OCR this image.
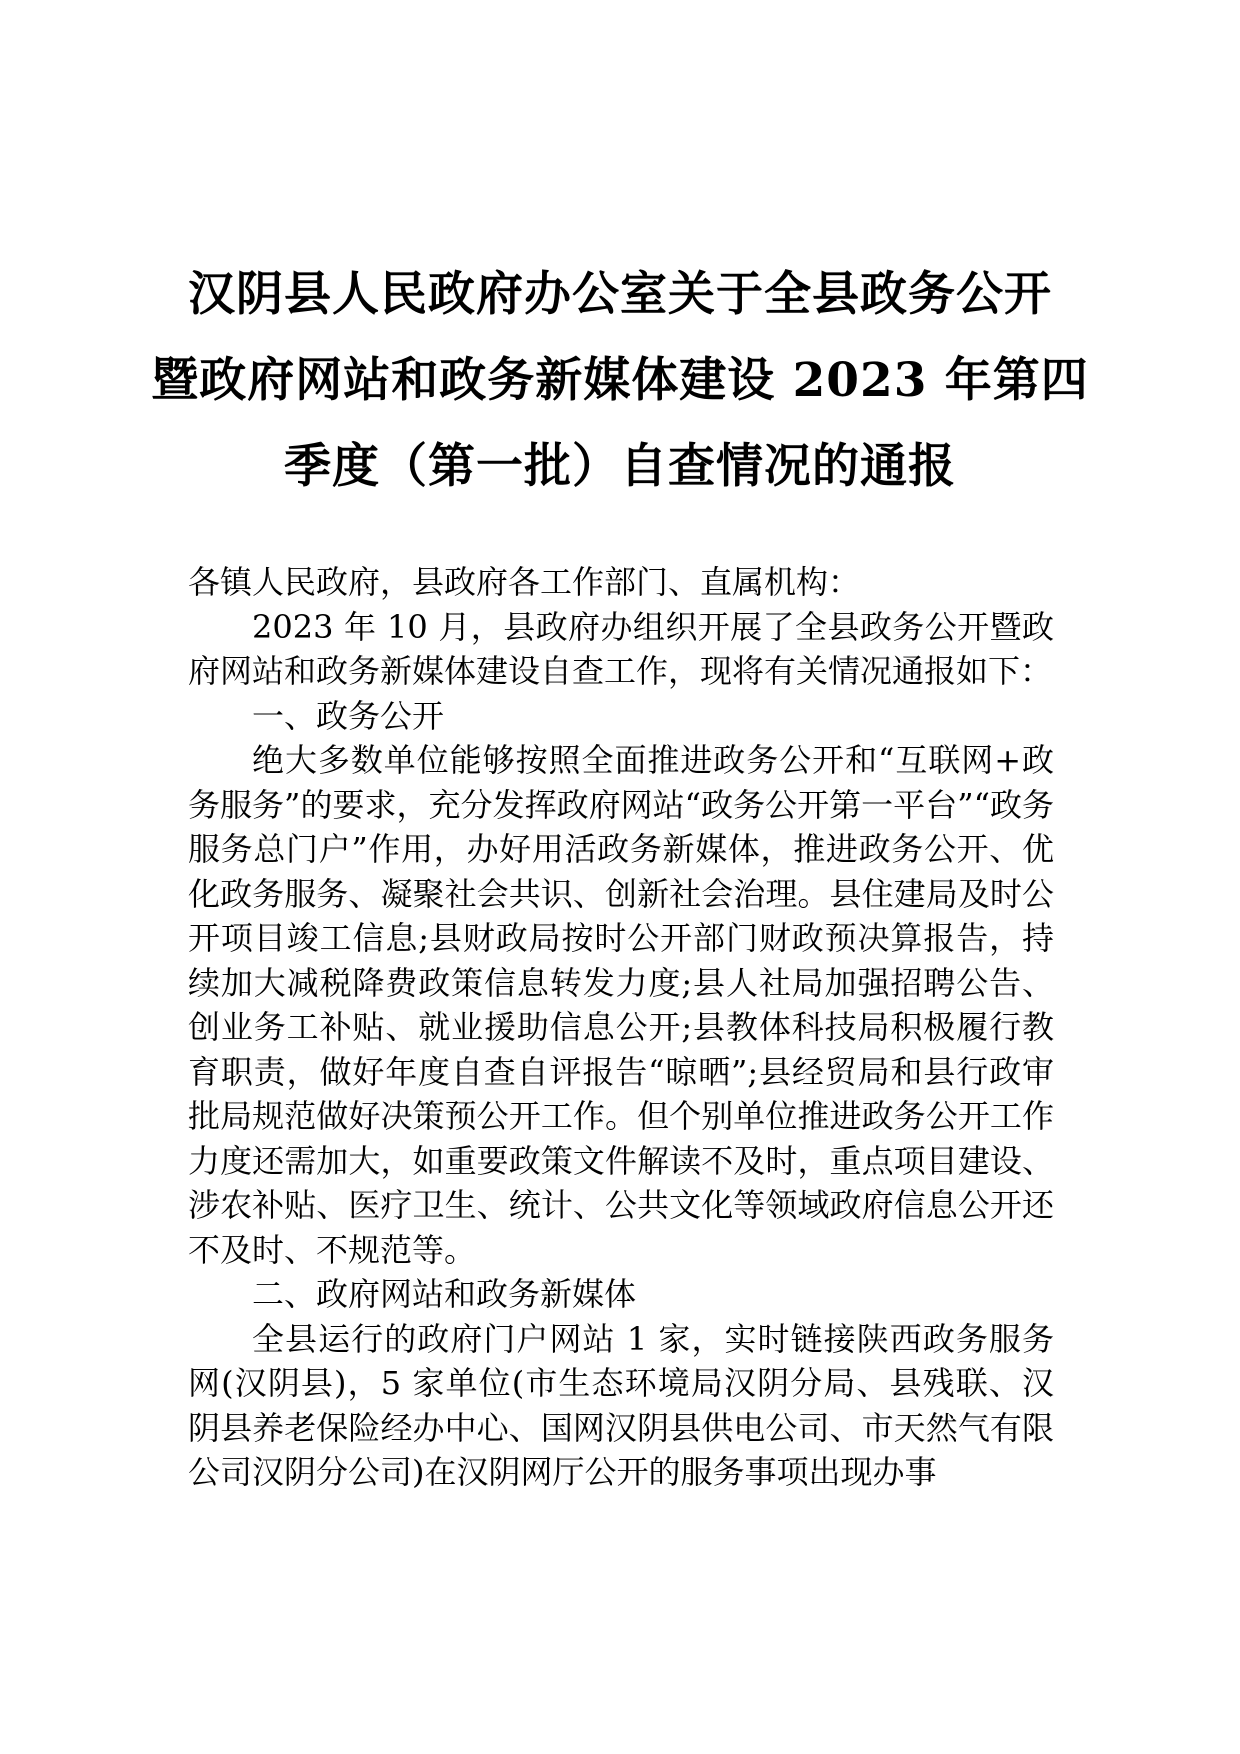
汉阴县人民政府办公室关于全县政务公开
暨政府网站和政务新媒体建设 2023 年第四
季度（第一批）自查情况的通报

各镇人民政府，县政府各工作部门、直属机构：

2023 年 10 月，县政府办组织开展了全县政务公开暨政府网站和政务新媒体建设自查工作，现将有关情况通报如下：

一、政务公开

绝大多数单位能够按照全面推进政务公开和“互联网+政务服务”的要求，充分发挥政府网站“政务公开第一平台”“政务服务总门户”作用，办好用活政务新媒体，推进政务公开、优化政务服务、凝聚社会共识、创新社会治理。县住建局及时公开项目竣工信息;县财政局按时公开部门财政预决算报告，持续加大减税降费政策信息转发力度;县人社局加强招聘公告、创业务工补贴、就业援助信息公开;县教体科技局积极履行教育职责，做好年度自查自评报告“晾晒”;县经贸局和县行政审批局规范做好决策预公开工作。但个别单位推进政务公开工作力度还需加大，如重要政策文件解读不及时，重点项目建设、涉农补贴、医疗卫生、统计、公共文化等领域政府信息公开还不及时、不规范等。

二、政府网站和政务新媒体

全县运行的政府门户网站 1 家，实时链接陕西政务服务网(汉阴县)，5 家单位(市生态环境局汉阴分局、县残联、汉阴县养老保险经办中心、国网汉阴县供电公司、市天然气有限公司汉阴分公司)在汉阴网厅公开的服务事项出现办事
